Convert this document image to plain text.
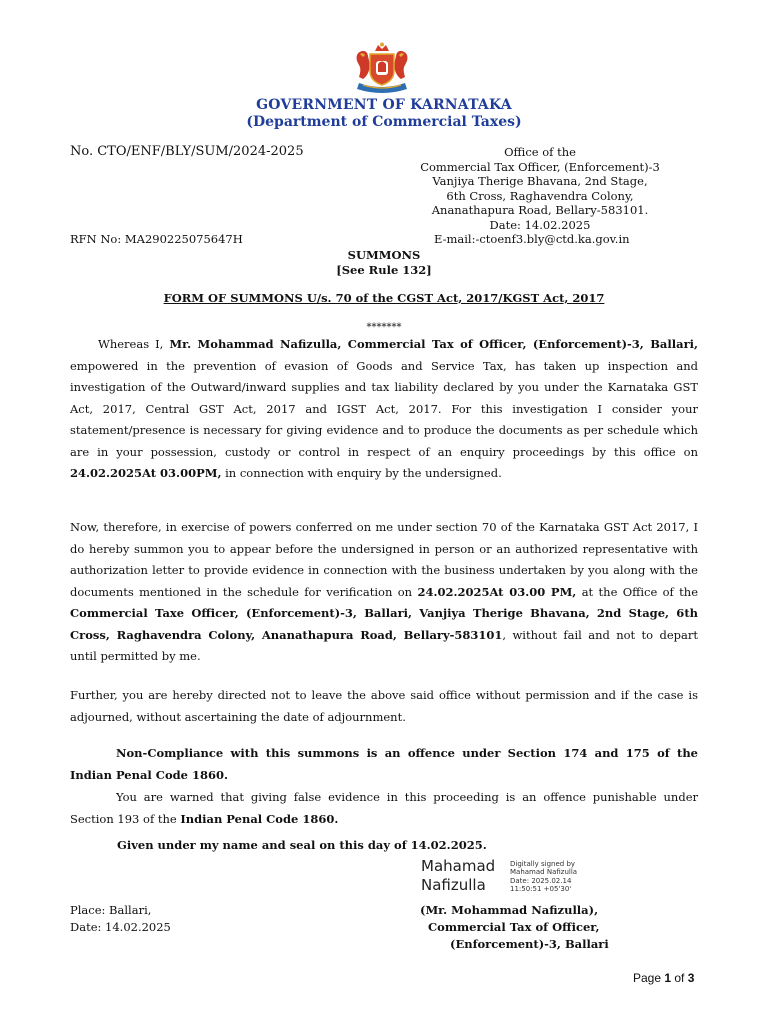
GOVERNMENT OF KARNATAKA
(Department of Commercial Taxes)
No. CTO/ENF/BLY/SUM/2024-2025	Office of the
Commercial Tax Officer, (Enforcement)-3
Vanjiya Therige Bhavana, 2nd Stage,
6th Cross, Raghavendra Colony,
Ananathapura Road, Bellary-583101.
Date: 14.02.2025
RFN No: MA290225075647H	E-mail:-ctoenf3.bly@ctd.ka.gov.in
SUMMONS
[See Rule 132]
FORM OF SUMMONS U/s. 70 of the CGST Act, 2017/KGST Act, 2017
*******
Whereas I, Mr. Mohammad Nafizulla, Commercial Tax of Officer, (Enforcement)-3, Ballari, empowered in the prevention of evasion of Goods and Service Tax, has taken up inspection and investigation of the Outward/inward supplies and tax liability declared by you under the Karnataka GST Act, 2017, Central GST Act, 2017 and IGST Act, 2017. For this investigation I consider your statement/presence is necessary for giving evidence and to produce the documents as per schedule which are in your possession, custody or control in respect of an enquiry proceedings by this office on 24.02.2025At 03.00PM, in connection with enquiry by the undersigned.
Now, therefore, in exercise of powers conferred on me under section 70 of the Karnataka GST Act 2017, I do hereby summon you to appear before the undersigned in person or an authorized representative with authorization letter to provide evidence in connection with the business undertaken by you along with the documents mentioned in the schedule for verification on 24.02.2025At 03.00 PM, at the Office of the Commercial Taxe Officer, (Enforcement)-3, Ballari, Vanjiya Therige Bhavana, 2nd Stage, 6th Cross, Raghavendra Colony, Ananathapura Road, Bellary-583101, without fail and not to depart until permitted by me.
Further, you are hereby directed not to leave the above said office without permission and if the case is adjourned, without ascertaining the date of adjournment.
Non-Compliance with this summons is an offence under Section 174 and 175 of the Indian Penal Code 1860.
You are warned that giving false evidence in this proceeding is an offence punishable under Section 193 of the Indian Penal Code 1860.
Given under my name and seal on this day of 14.02.2025.
Mahamad
Nafizulla
Digitally signed by
Mahamad Nafizulla
Date: 2025.02.14
11:50:51 +05'30'
Place: Ballari,
Date: 14.02.2025
(Mr. Mohammad Nafizulla),
Commercial Tax of Officer,
(Enforcement)-3, Ballari
Page 1 of 3
